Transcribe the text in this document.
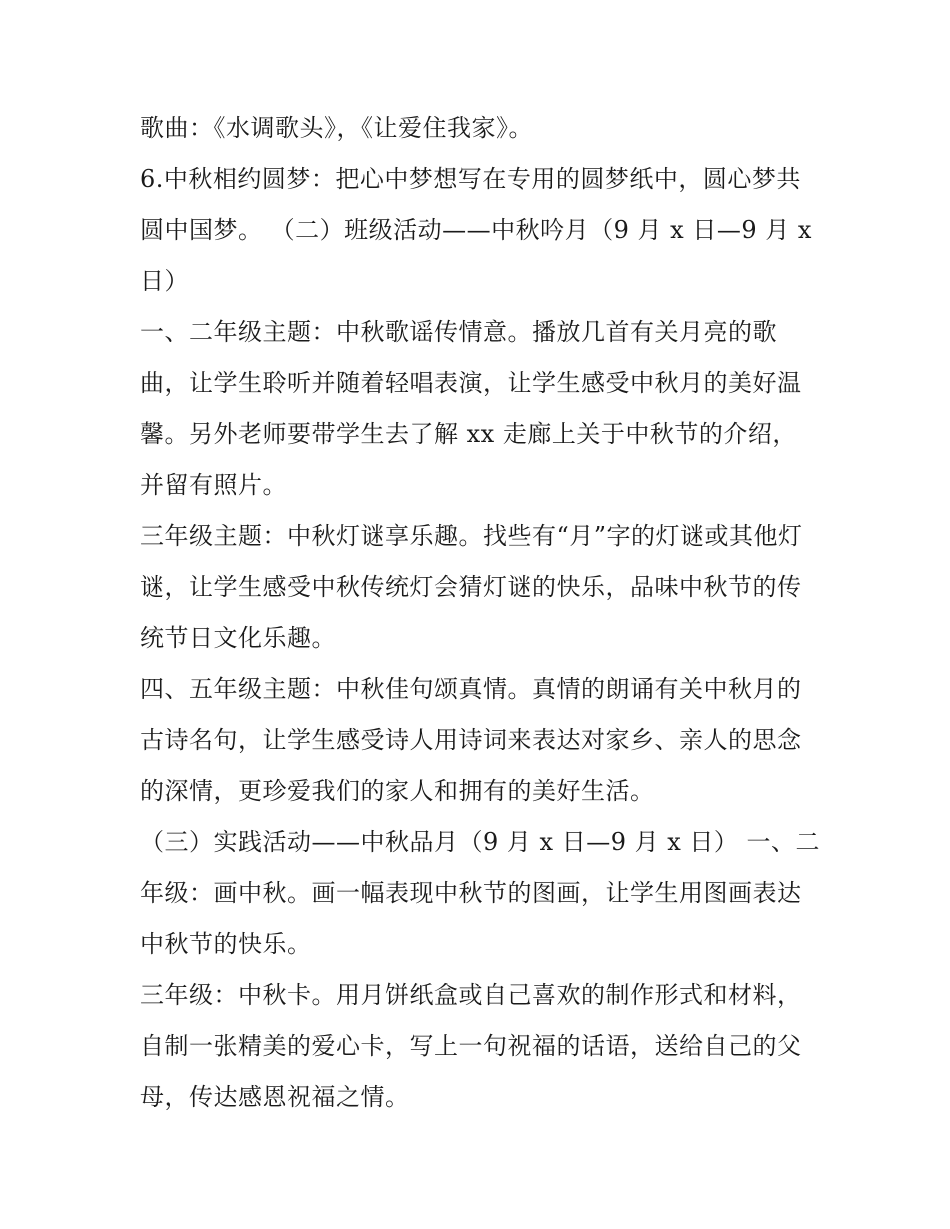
歌曲：《水调歌头》，《让爱住我家》。
6.中秋相约圆梦：把心中梦想写在专用的圆梦纸中，圆心梦共
圆中国梦。 （二）班级活动——中秋吟月（9 月 x 日—9 月 x
日）
一、二年级主题：中秋歌谣传情意。播放几首有关月亮的歌
曲，让学生聆听并随着轻唱表演，让学生感受中秋月的美好温
馨。另外老师要带学生去了解 xx 走廊上关于中秋节的介绍，
并留有照片。
三年级主题：中秋灯谜享乐趣。找些有“月”字的灯谜或其他灯
谜，让学生感受中秋传统灯会猜灯谜的快乐，品味中秋节的传
统节日文化乐趣。
四、五年级主题：中秋佳句颂真情。真情的朗诵有关中秋月的
古诗名句，让学生感受诗人用诗词来表达对家乡、亲人的思念
的深情，更珍爱我们的家人和拥有的美好生活。
（三）实践活动——中秋品月（9 月 x 日—9 月 x 日） 一、二
年级：画中秋。画一幅表现中秋节的图画，让学生用图画表达
中秋节的快乐。
三年级：中秋卡。用月饼纸盒或自己喜欢的制作形式和材料，
自制一张精美的爱心卡，写上一句祝福的话语，送给自己的父
母，传达感恩祝福之情。
